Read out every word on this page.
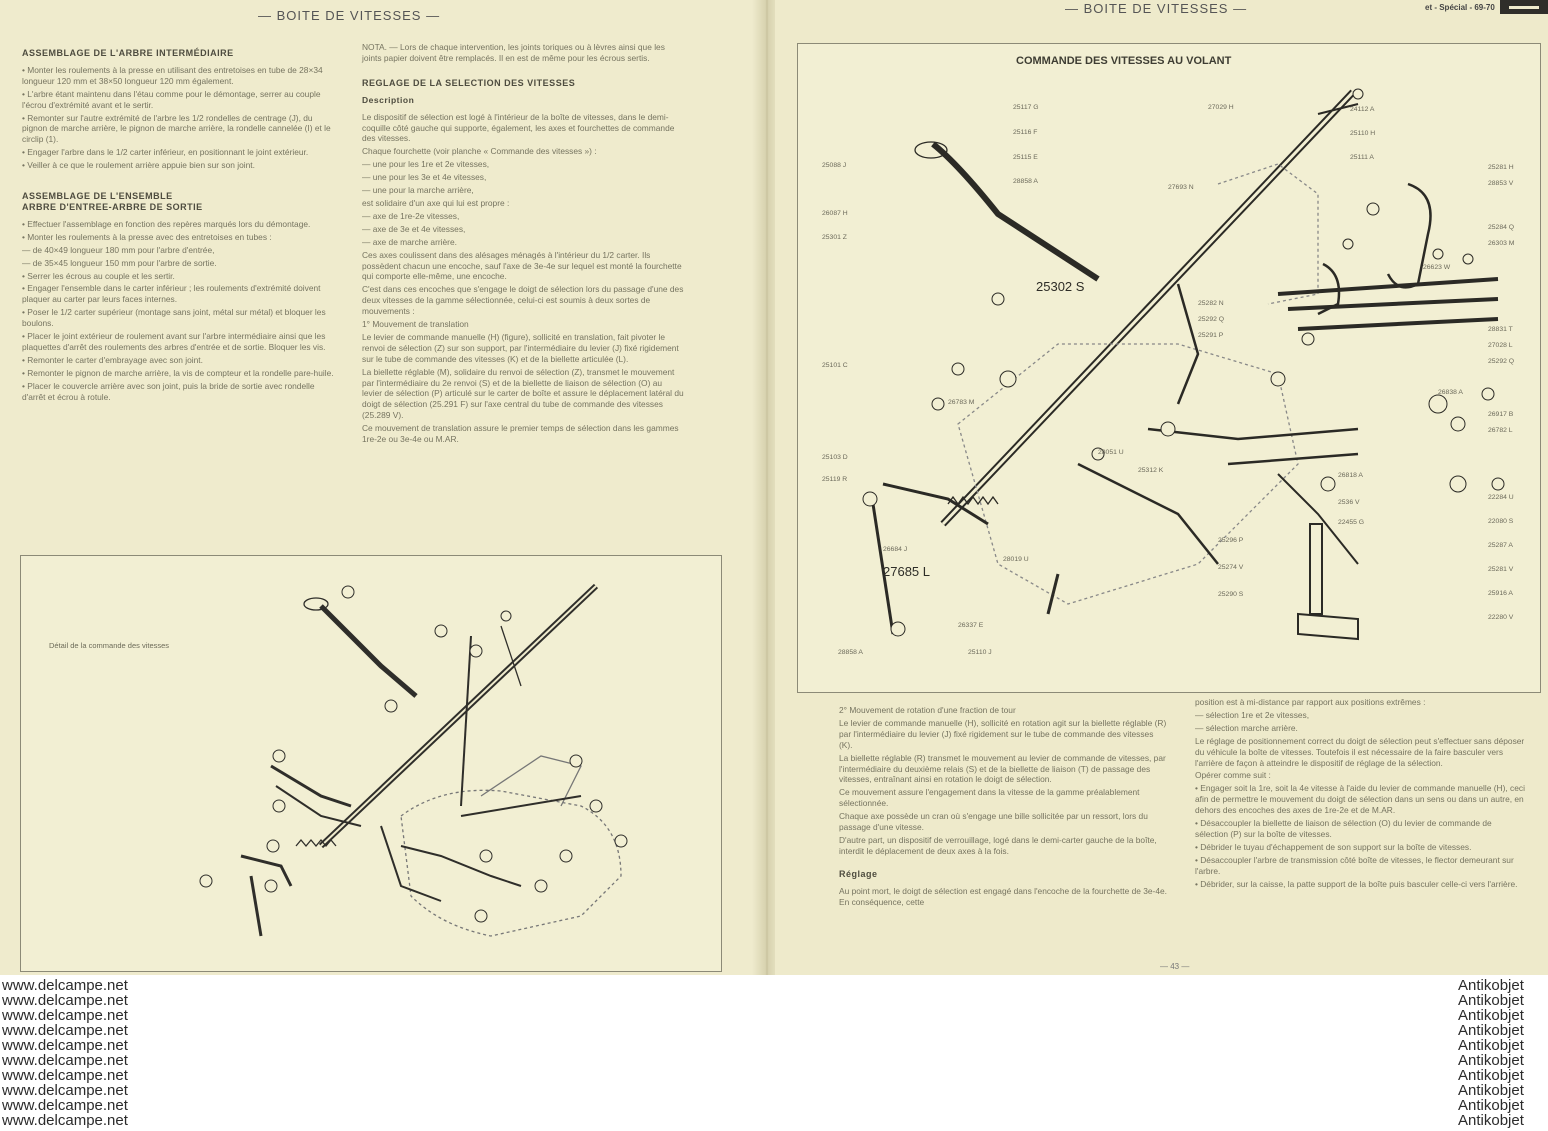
— BOITE DE VITESSES —
ASSEMBLAGE DE L'ARBRE INTERMÉDIAIRE

• Monter les roulements à la presse en utilisant des entretoises en tube de 28×34 longueur 120 mm et 38×50 longueur 120 mm également.

• L'arbre étant maintenu dans l'étau comme pour le démontage, serrer au couple l'écrou d'extrémité avant et le sertir.

• Remonter sur l'autre extrémité de l'arbre les 1/2 rondelles de centrage (J), du pignon de marche arrière, le pignon de marche arrière, la rondelle cannelée (I) et le circlip (1).

• Engager l'arbre dans le 1/2 carter inférieur, en positionnant le joint extérieur.

• Veiller à ce que le roulement arrière appuie bien sur son joint.

ASSEMBLAGE DE L'ENSEMBLE
ARBRE D'ENTREE-ARBRE DE SORTIE

• Effectuer l'assemblage en fonction des repères marqués lors du démontage.

• Monter les roulements à la presse avec des entretoises en tubes :

— de 40×49 longueur 180 mm pour l'arbre d'entrée,

— de 35×45 longueur 150 mm pour l'arbre de sortie.

• Serrer les écrous au couple et les sertir.

• Engager l'ensemble dans le carter inférieur ; les roulements d'extrémité doivent plaquer au carter par leurs faces internes.

• Poser le 1/2 carter supérieur (montage sans joint, métal sur métal) et bloquer les boulons.

• Placer le joint extérieur de roulement avant sur l'arbre intermédiaire ainsi que les plaquettes d'arrêt des roulements des arbres d'entrée et de sortie. Bloquer les vis.

• Remonter le carter d'embrayage avec son joint.

• Remonter le pignon de marche arrière, la vis de compteur et la rondelle pare-huile.

• Placer le couvercle arrière avec son joint, puis la bride de sortie avec rondelle d'arrêt et écrou à rotule.

NOTA. — Lors de chaque intervention, les joints toriques ou à lèvres ainsi que les joints papier doivent être remplacés. Il en est de même pour les écrous sertis.

REGLAGE DE LA SELECTION DES VITESSES
Description

Le dispositif de sélection est logé à l'intérieur de la boîte de vitesses, dans le demi-coquille côté gauche qui supporte, également, les axes et fourchettes de commande des vitesses.

Chaque fourchette (voir planche « Commande des vitesses ») :

— une pour les 1re et 2e vitesses,

— une pour les 3e et 4e vitesses,

— une pour la marche arrière,

est solidaire d'un axe qui lui est propre :

— axe de 1re-2e vitesses,

— axe de 3e et 4e vitesses,

— axe de marche arrière.

Ces axes coulissent dans des alésages ménagés à l'intérieur du 1/2 carter. Ils possèdent chacun une encoche, sauf l'axe de 3e-4e sur lequel est monté la fourchette qui comporte elle-même, une encoche.

C'est dans ces encoches que s'engage le doigt de sélection lors du passage d'une des deux vitesses de la gamme sélectionnée, celui-ci est soumis à deux sortes de mouvements :

1° Mouvement de translation

Le levier de commande manuelle (H) (figure), sollicité en translation, fait pivoter le renvoi de sélection (Z) sur son support, par l'intermédiaire du levier (J) fixé rigidement sur le tube de commande des vitesses (K) et de la biellette articulée (L).

La biellette réglable (M), solidaire du renvoi de sélection (Z), transmet le mouvement par l'intermédiaire du 2e renvoi (S) et de la biellette de liaison de sélection (O) au levier de sélection (P) articulé sur le carter de boîte et assure le déplacement latéral du doigt de sélection (25.291 F) sur l'axe central du tube de commande des vitesses (25.289 V).

Ce mouvement de translation assure le premier temps de sélection dans les gammes 1re-2e ou 3e-4e ou M.AR.

Détail de la commande des vitesses
— BOITE DE VITESSES —
COMMANDE DES VITESSES AU VOLANT
25117 G
25116 F
25115 E
28858 A
25088 J
26087 H
25301 Z
25302 S
25101 C
25103 D
25119 R
26684 J
27685 L
28019 U
26337 E
28858 A	25110 J
27029 H
27693 N
26783 M
28051 U
25312 K
24112 A
25110 H
25111 A
25281 H
28853 V
25284 Q
25282 N
25292 Q
25291 P
28831 T
27028 L
25292 Q
26838 A
26917 B
26782 L
26818 A
2536 V
22455 G
25296 P
25274 V
25290 S
22284 U
22080 S
25287 A
25281 V
25916 A
22280 V
26303 M
26623 W

2° Mouvement de rotation d'une fraction de tour

Le levier de commande manuelle (H), sollicité en rotation agit sur la biellette réglable (R) par l'intermédiaire du levier (J) fixé rigidement sur le tube de commande des vitesses (K).

La biellette réglable (R) transmet le mouvement au levier de commande de vitesses, par l'intermédiaire du deuxième relais (S) et de la biellette de liaison (T) de passage des vitesses, entraînant ainsi en rotation le doigt de sélection.

Ce mouvement assure l'engagement dans la vitesse de la gamme préalablement sélectionnée.

Chaque axe possède un cran où s'engage une bille sollicitée par un ressort, lors du passage d'une vitesse.

D'autre part, un dispositif de verrouillage, logé dans le demi-carter gauche de la boîte, interdit le déplacement de deux axes à la fois.

Réglage

Au point mort, le doigt de sélection est engagé dans l'encoche de la fourchette de 3e-4e. En conséquence, cette

position est à mi-distance par rapport aux positions extrêmes :

— sélection 1re et 2e vitesses,

— sélection marche arrière.

Le réglage de positionnement correct du doigt de sélection peut s'effectuer sans déposer du véhicule la boîte de vitesses. Toutefois il est nécessaire de la faire basculer vers l'arrière de façon à atteindre le dispositif de réglage de la sélection.

Opérer comme suit :

• Engager soit la 1re, soit la 4e vitesse à l'aide du levier de commande manuelle (H), ceci afin de permettre le mouvement du doigt de sélection dans un sens ou dans un autre, en dehors des encoches des axes de 1re-2e et de M.AR.

• Désaccoupler la biellette de liaison de sélection (O) du levier de commande de sélection (P) sur la boîte de vitesses.

• Débrider le tuyau d'échappement de son support sur la boîte de vitesses.

• Désaccoupler l'arbre de transmission côté boîte de vitesses, le flector demeurant sur l'arbre.

• Débrider, sur la caisse, la patte support de la boîte puis basculer celle-ci vers l'arrière.

— 43 —
et - Spécial - 69-70	▬▬▬
www.delcampe.net
www.delcampe.net
www.delcampe.net
www.delcampe.net
www.delcampe.net
www.delcampe.net
www.delcampe.net
www.delcampe.net
www.delcampe.net
www.delcampe.net
Antikobjet
Antikobjet
Antikobjet
Antikobjet
Antikobjet
Antikobjet
Antikobjet
Antikobjet
Antikobjet
Antikobjet
